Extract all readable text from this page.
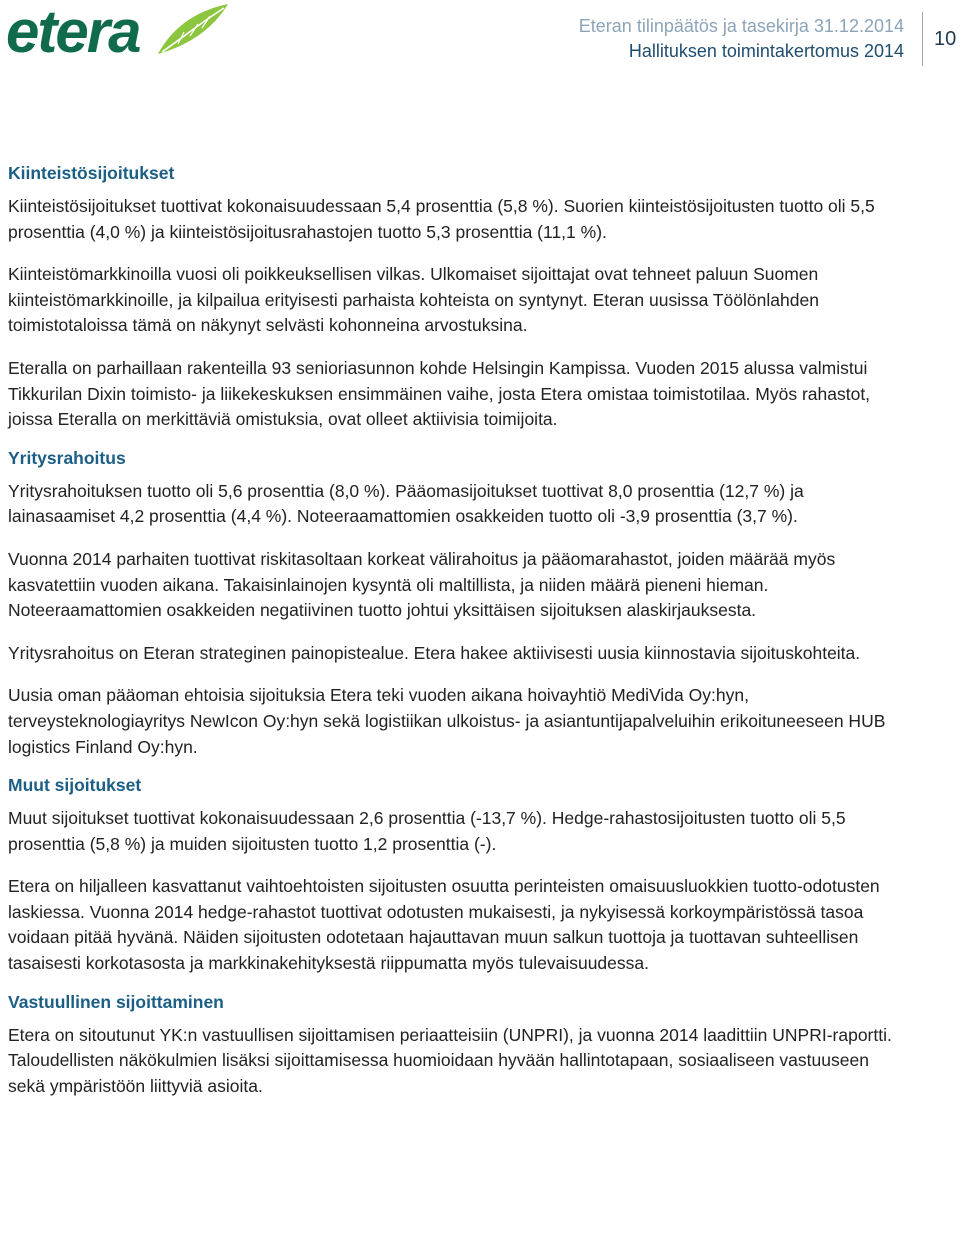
etera	Eteran tilinpäätös ja tasekirja 31.12.2014
Hallituksen toimintakertomus 2014
10
Kiinteistösijoitukset

Kiinteistösijoitukset tuottivat kokonaisuudessaan 5,4 prosenttia (5,8 %). Suorien kiinteistösijoitusten tuotto oli 5,5 prosenttia (4,0 %) ja kiinteistösijoitusrahastojen tuotto 5,3 prosenttia (11,1 %).

Kiinteistömarkkinoilla vuosi oli poikkeuksellisen vilkas. Ulkomaiset sijoittajat ovat tehneet paluun Suomen kiinteistömarkkinoille, ja kilpailua erityisesti parhaista kohteista on syntynyt. Eteran uusissa Töölönlahden toimistotaloissa tämä on näkynyt selvästi kohonneina arvostuksina.

Eteralla on parhaillaan rakenteilla 93 senioriasunnon kohde Helsingin Kampissa. Vuoden 2015 alussa valmistui Tikkurilan Dixin toimisto- ja liikekeskuksen ensimmäinen vaihe, josta Etera omistaa toimistotilaa. Myös rahastot, joissa Eteralla on merkittäviä omistuksia, ovat olleet aktiivisia toimijoita.

Yritysrahoitus

Yritysrahoituksen tuotto oli 5,6 prosenttia (8,0 %). Pääomasijoitukset tuottivat 8,0 prosenttia (12,7 %) ja lainasaamiset 4,2 prosenttia (4,4 %). Noteeraamattomien osakkeiden tuotto oli -3,9 prosenttia (3,7 %).

Vuonna 2014 parhaiten tuottivat riskitasoltaan korkeat välirahoitus ja pääomarahastot, joiden määrää myös kasvatettiin vuoden aikana. Takaisinlainojen kysyntä oli maltillista, ja niiden määrä pieneni hieman. Noteeraamattomien osakkeiden negatiivinen tuotto johtui yksittäisen sijoituksen alaskirjauksesta.

Yritysrahoitus on Eteran strateginen painopistealue. Etera hakee aktiivisesti uusia kiinnostavia sijoituskohteita.

Uusia oman pääoman ehtoisia sijoituksia Etera teki vuoden aikana hoivayhtiö MediVida Oy:hyn, terveysteknologiayritys NewIcon Oy:hyn sekä logistiikan ulkoistus- ja asiantuntijapalveluihin erikoituneeseen HUB logistics Finland Oy:hyn.

Muut sijoitukset

Muut sijoitukset tuottivat kokonaisuudessaan 2,6 prosenttia (-13,7 %). Hedge-rahastosijoitusten tuotto oli 5,5 prosenttia (5,8 %) ja muiden sijoitusten tuotto 1,2 prosenttia (-).

Etera on hiljalleen kasvattanut vaihtoehtoisten sijoitusten osuutta perinteisten omaisuusluokkien tuotto-odotusten laskiessa. Vuonna 2014 hedge-rahastot tuottivat odotusten mukaisesti, ja nykyisessä korkoympäristössä tasoa voidaan pitää hyvänä. Näiden sijoitusten odotetaan hajauttavan muun salkun tuottoja ja tuottavan suhteellisen tasaisesti korkotasosta ja markkinakehityksestä riippumatta myös tulevaisuudessa.

Vastuullinen sijoittaminen

Etera on sitoutunut YK:n vastuullisen sijoittamisen periaatteisiin (UNPRI), ja vuonna 2014 laadittiin UNPRI-raportti. Taloudellisten näkökulmien lisäksi sijoittamisessa huomioidaan hyvään hallintotapaan, sosiaaliseen vastuuseen sekä ympäristöön liittyviä asioita.
